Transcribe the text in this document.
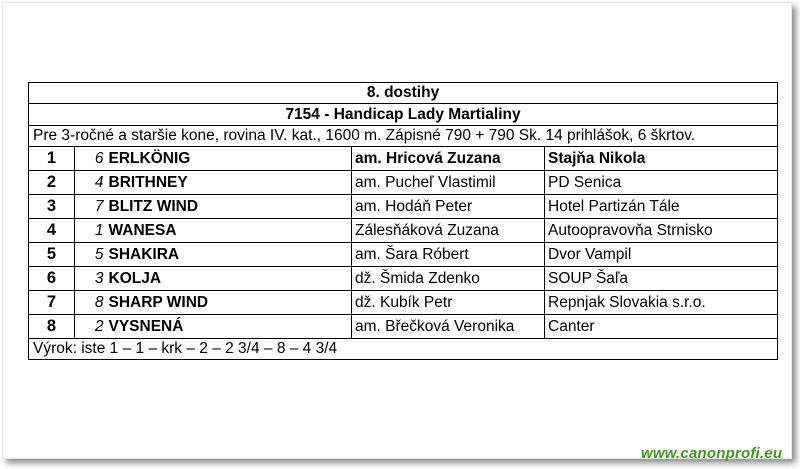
8. dostihy				
7154 - Handicap Lady Martialiny				
Pre 3-ročné a staršie kone, rovina IV. kat., 1600 m. Zápisné 790 + 790 Sk. 14 prihlášok, 6 škrtov.				
1	6	ERLKÖNIG	am. Hricová Zuzana	Stajňa Nikola
2	4	BRITHNEY	am. Pucheľ Vlastimil	PD Senica
3	7	BLITZ WIND	am. Hodáň Peter	Hotel Partizán Tále
4	1	WANESA	Zálesňáková Zuzana	Autoopravovňa Strnisko
5	5	SHAKIRA	am. Šara Róbert	Dvor Vampil
6	3	KOLJA	dž. Šmida Zdenko	SOUP Šaľa
7	8	SHARP WIND	dž. Kubík Petr	Repnjak Slovakia s.r.o.
8	2	VYSNENÁ	am. Břečková Veronika	Canter
Výrok: iste 1 – 1 – krk – 2 – 2 3/4 – 8 – 4 3/4				
www.canonprofi.eu
